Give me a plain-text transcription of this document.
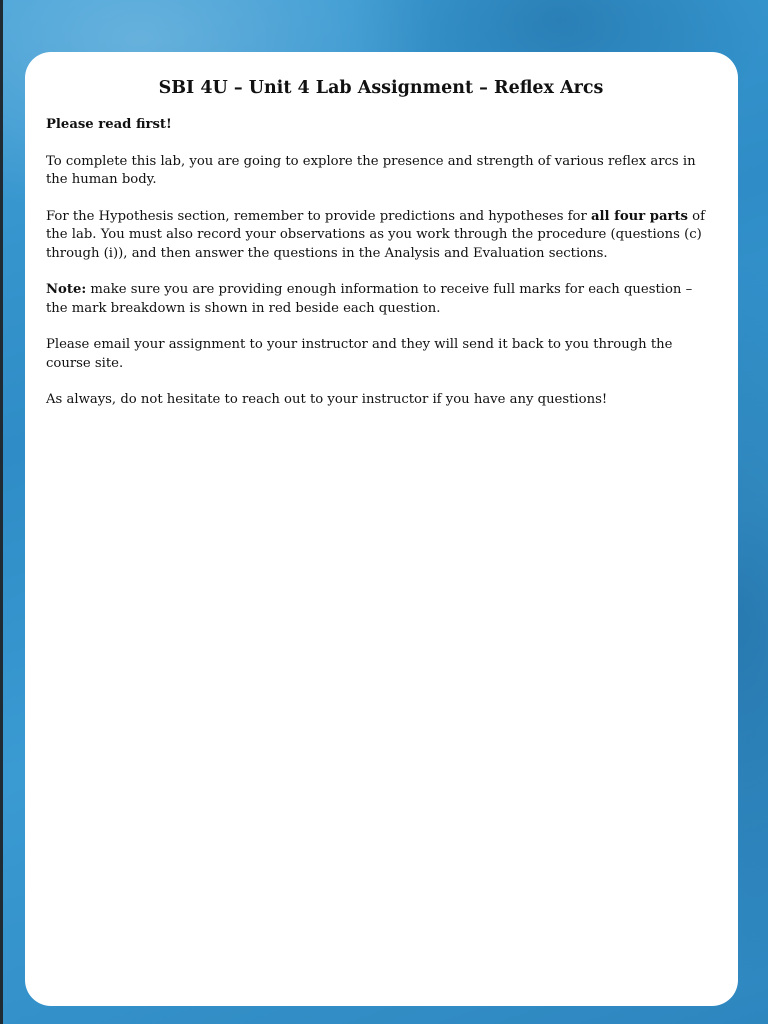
SBI 4U – Unit 4 Lab Assignment – Reflex Arcs

Please read first!

To complete this lab, you are going to explore the presence and strength of various reflex arcs in the human body.

For the Hypothesis section, remember to provide predictions and hypotheses for all four parts of the lab. You must also record your observations as you work through the procedure (questions (c) through (i)), and then answer the questions in the Analysis and Evaluation sections.

Note: make sure you are providing enough information to receive full marks for each question – the mark breakdown is shown in red beside each question.

Please email your assignment to your instructor and they will send it back to you through the course site.

As always, do not hesitate to reach out to your instructor if you have any questions!
